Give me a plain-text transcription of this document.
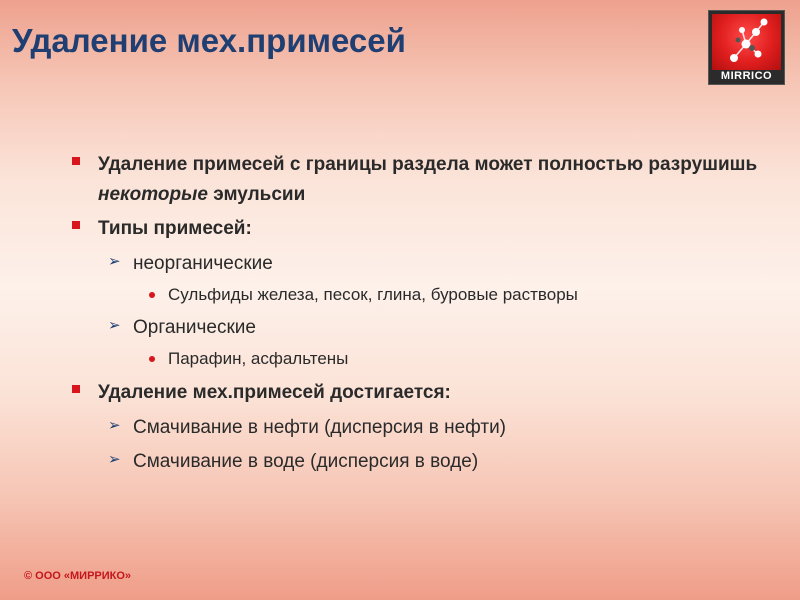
Удаление мех.примесей
MIRRICO
Удаление примесей с границы раздела может полностью разрушишь некоторые эмульсии
Типы примесей:
➢ неорганические
Сульфиды железа, песок, глина, буровые растворы
➢ Органические
Парафин, асфальтены
Удаление мех.примесей достигается:
➢ Смачивание в нефти (дисперсия в нефти)
➢ Смачивание в воде (дисперсия в воде)
© ООО «МИРРИКО»
